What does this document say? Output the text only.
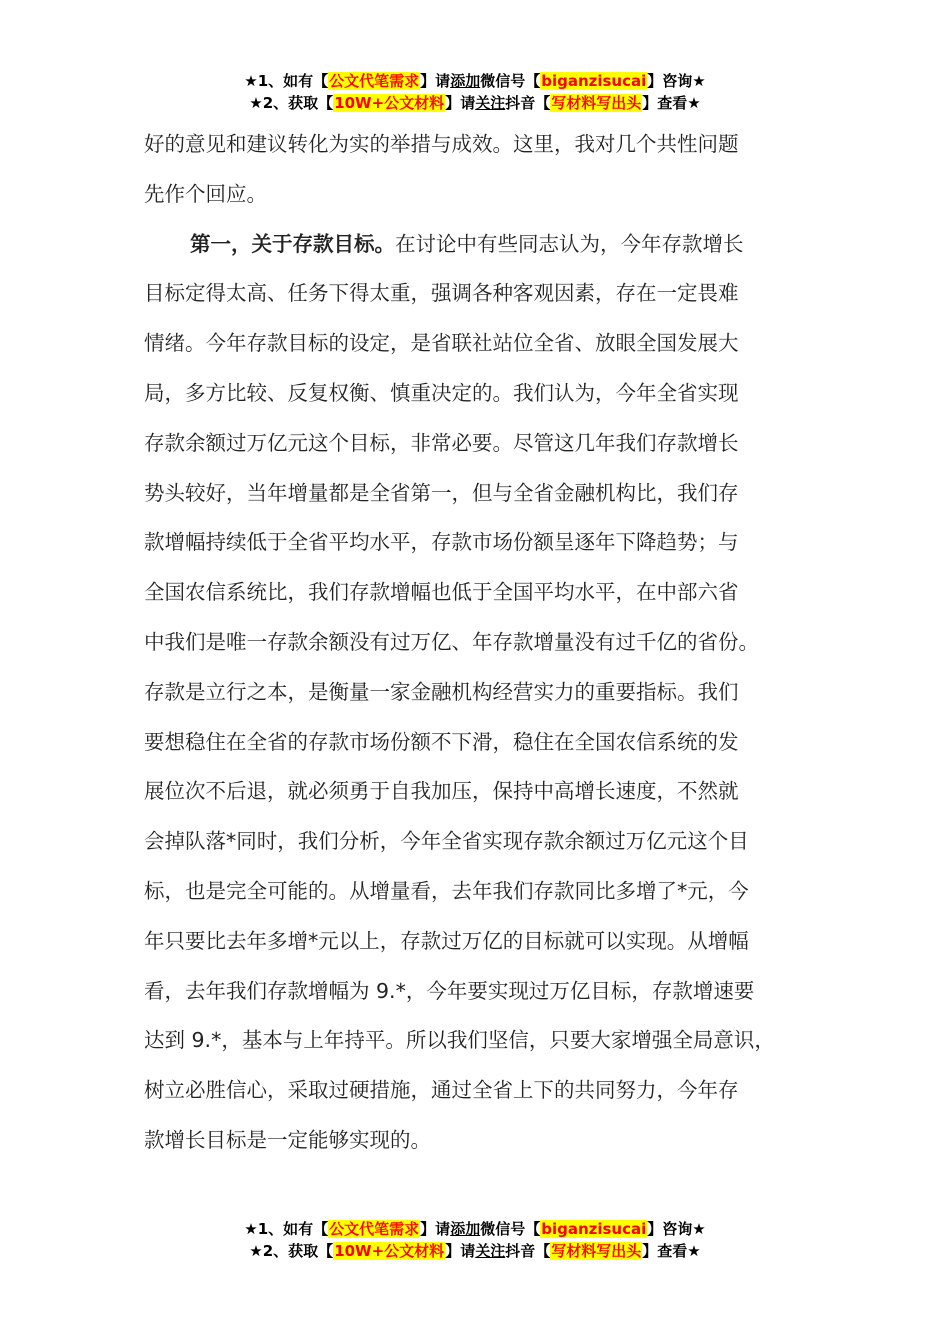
★1、如有【公文代笔需求】请添加微信号【biganzisucai】咨询★
★2、获取【10W+公文材料】请关注抖音【写材料写出头】查看★
好的意见和建议转化为实的举措与成效。这里，我对几个共性问题
先作个回应。
第一，关于存款目标。在讨论中有些同志认为，今年存款增长
目标定得太高、任务下得太重，强调各种客观因素，存在一定畏难
情绪。今年存款目标的设定，是省联社站位全省、放眼全国发展大
局，多方比较、反复权衡、慎重决定的。我们认为，今年全省实现
存款余额过万亿元这个目标，非常必要。尽管这几年我们存款增长
势头较好，当年增量都是全省第一，但与全省金融机构比，我们存
款增幅持续低于全省平均水平，存款市场份额呈逐年下降趋势；与
全国农信系统比，我们存款增幅也低于全国平均水平，在中部六省
中我们是唯一存款余额没有过万亿、年存款增量没有过千亿的省份。
存款是立行之本，是衡量一家金融机构经营实力的重要指标。我们
要想稳住在全省的存款市场份额不下滑，稳住在全国农信系统的发
展位次不后退，就必须勇于自我加压，保持中高增长速度，不然就
会掉队落*同时，我们分析，今年全省实现存款余额过万亿元这个目
标，也是完全可能的。从增量看，去年我们存款同比多增了*元，今
年只要比去年多增*元以上，存款过万亿的目标就可以实现。从增幅
看，去年我们存款增幅为 9.*，今年要实现过万亿目标，存款增速要
达到 9.*，基本与上年持平。所以我们坚信，只要大家增强全局意识，
树立必胜信心，采取过硬措施，通过全省上下的共同努力，今年存
款增长目标是一定能够实现的。
★1、如有【公文代笔需求】请添加微信号【biganzisucai】咨询★
★2、获取【10W+公文材料】请关注抖音【写材料写出头】查看★
